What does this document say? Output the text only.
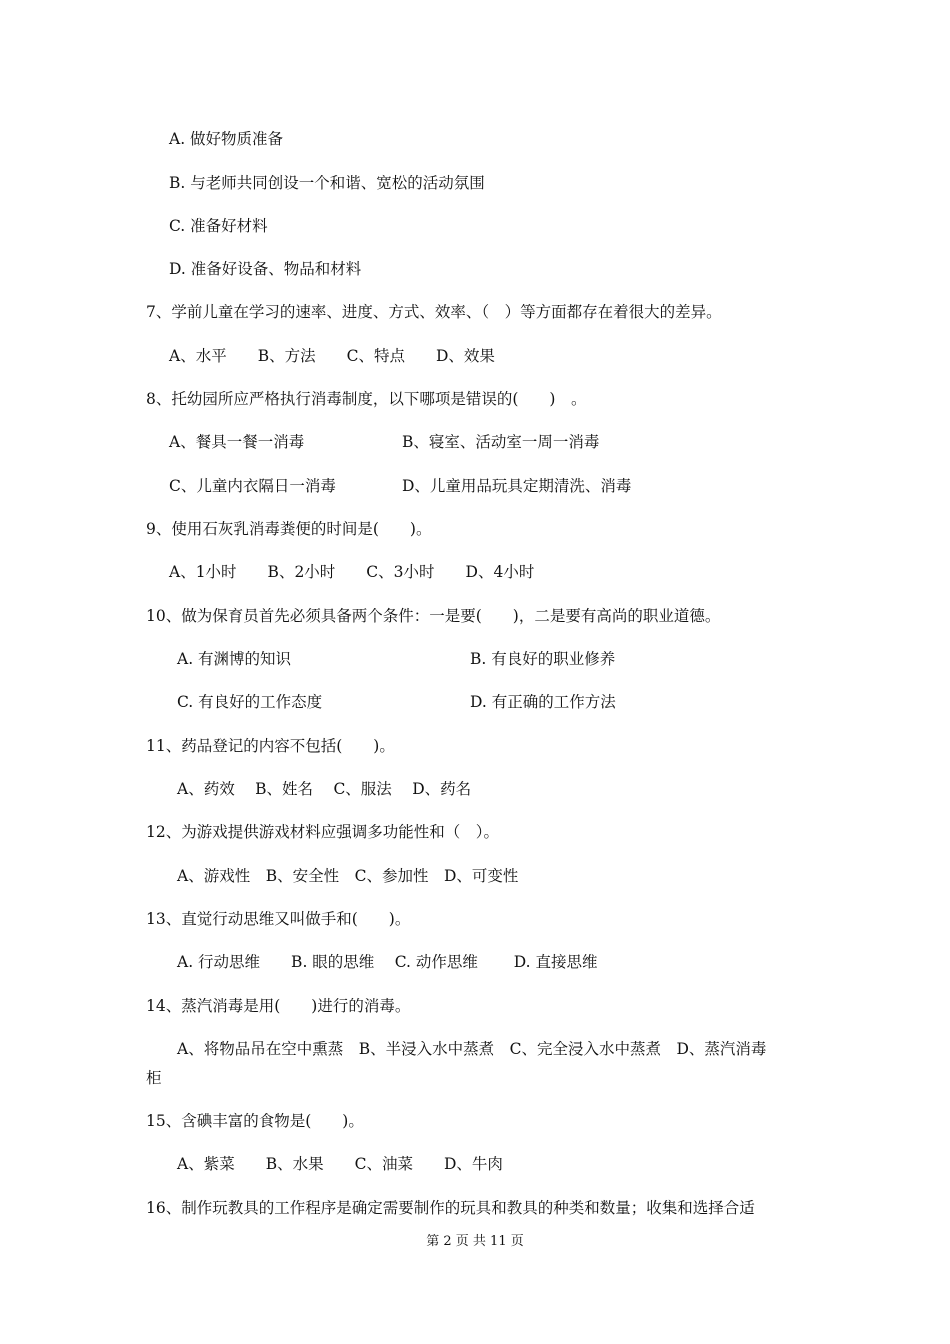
A. 做好物质准备
B. 与老师共同创设一个和谐、宽松的活动氛围
C. 准备好材料
D. 准备好设备、物品和材料
7、学前儿童在学习的速率、进度、方式、效率、（　）等方面都存在着很大的差异。
A、水平　　B、方法　　C、特点　　D、效果
8、托幼园所应严格执行消毒制度，以下哪项是错误的(　　)　。
A、餐具一餐一消毒	B、寝室、活动室一周一消毒
C、儿童内衣隔日一消毒	D、儿童用品玩具定期清洗、消毒
9、使用石灰乳消毒粪便的时间是(　　)。
A、1小时　　B、2小时　　C、3小时　　D、4小时
10、做为保育员首先必须具备两个条件：一是要(　　)，二是要有高尚的职业道德。
A. 有渊博的知识	B. 有良好的职业修养
C. 有良好的工作态度	D. 有正确的工作方法
11、药品登记的内容不包括(　　)。
A、药效　 B、姓名　 C、服法　 D、药名
12、为游戏提供游戏材料应强调多功能性和（　）。
A、游戏性　B、安全性　C、参加性　D、可变性
13、直觉行动思维又叫做手和(　　)。
A. 行动思维　　B. 眼的思维　 C. 动作思维　　 D. 直接思维
14、蒸汽消毒是用(　　)进行的消毒。
A、将物品吊在空中熏蒸　B、半浸入水中蒸煮　C、完全浸入水中蒸煮　D、蒸汽消毒
柜
15、含碘丰富的食物是(　　)。
A、紫菜　　B、水果　　C、油菜　　D、牛肉
16、制作玩教具的工作程序是确定需要制作的玩具和教具的种类和数量；收集和选择合适
第 2 页 共 11 页
